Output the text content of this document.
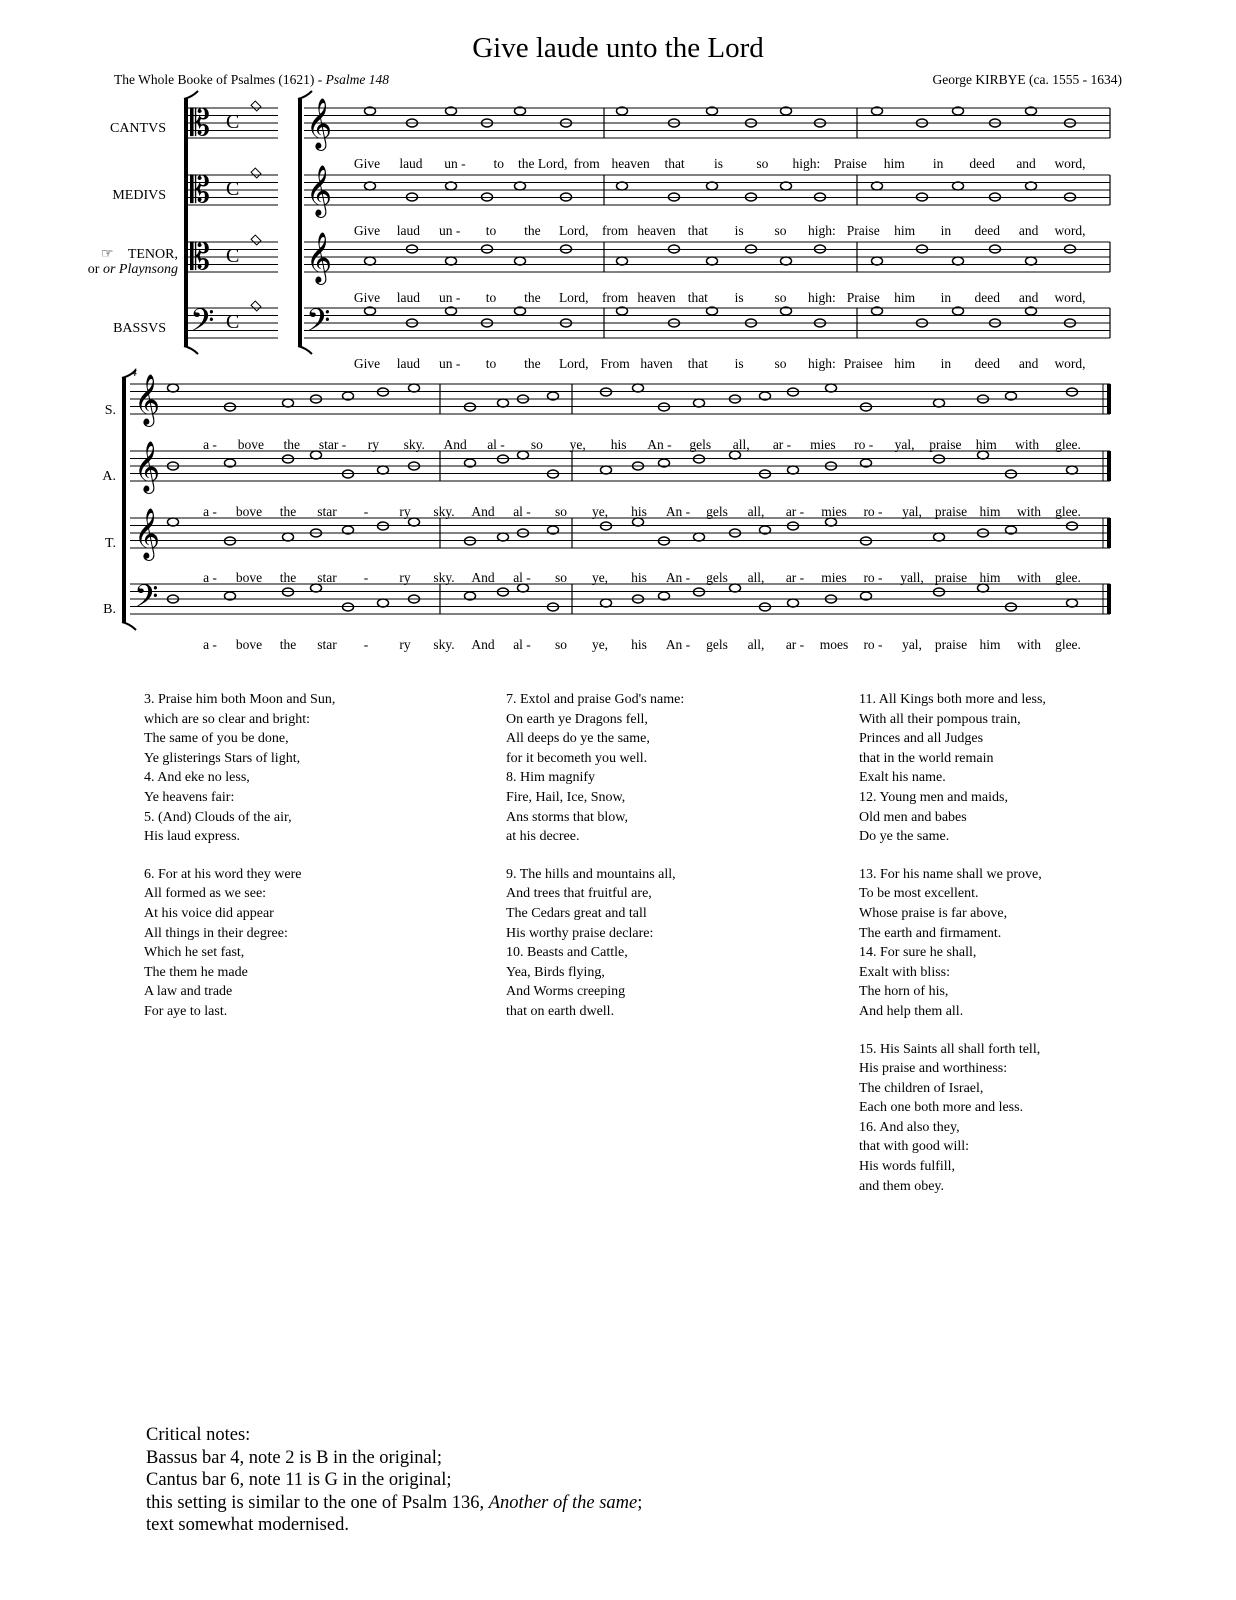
Give laude unto the Lord
The Whole Booke of Psalmes (1621) - Psalme 148	George KIRBYE (ca. 1555 - 1634)
CANTVS
MEDIVS
☞ TENOR,
or or Playnsong
BASSVS
4
S.
A.
T.
B.
𝄡 C 𝄞
𝄡 C 𝄞
𝄡 C 𝄞
𝄢 C 𝄢
Give laud un - to the Lord, from heaven that is so high: Praise him in deed and word,
Give laud un - to the Lord, from heaven that is so high: Praise him in deed and word,
Give laud un - to the Lord, from heaven that is so high: Praise him in deed and word,
Give laud un - to the Lord, From haven that is so high: Praisee him in deed and word,
𝄞
𝄞
𝄞
𝄢
a - bove the star - ry sky. And al - so ye, his An - gels all, ar - mies ro - yal, praise him with glee.
a - bove the star - ry sky. And al - so ye, his An - gels all, ar - mies ro - yal, praise him with glee.
a - bove the star - ry sky. And al - so ye, his An - gels all, ar - mies ro - yall, praise him with glee.
a - bove the star - ry sky. And al - so ye, his An - gels all, ar - moes ro - yal, praise him with glee.
3. Praise him both Moon and Sun,
which are so clear and bright:
The same of you be done,
Ye glisterings Stars of light,
4. And eke no less,
Ye heavens fair:
5. (And) Clouds of the air,
His laud express.
6. For at his word they were
All formed as we see:
At his voice did appear
All things in their degree:
Which he set fast,
The them he made
A law and trade
For aye to last.
7. Extol and praise God's name:
On earth ye Dragons fell,
All deeps do ye the same,
for it becometh you well.
8. Him magnify
Fire, Hail, Ice, Snow,
Ans storms that blow,
at his decree.
9. The hills and mountains all,
And trees that fruitful are,
The Cedars great and tall
His worthy praise declare:
10. Beasts and Cattle,
Yea, Birds flying,
And Worms creeping
that on earth dwell.
11. All Kings both more and less,
With all their pompous train,
Princes and all Judges
that in the world remain
Exalt his name.
12. Young men and maids,
Old men and babes
Do ye the same.
13. For his name shall we prove,
To be most excellent.
Whose praise is far above,
The earth and firmament.
14. For sure he shall,
Exalt with bliss:
The horn of his,
And help them all.
15. His Saints all shall forth tell,
His praise and worthiness:
The children of Israel,
Each one both more and less.
16. And also they,
that with good will:
His words fulfill,
and them obey.
Critical notes:
Bassus bar 4, note 2 is B in the original;
Cantus bar 6, note 11 is G in the original;
this setting is similar to the one of Psalm 136, Another of the same;
text somewhat modernised.
